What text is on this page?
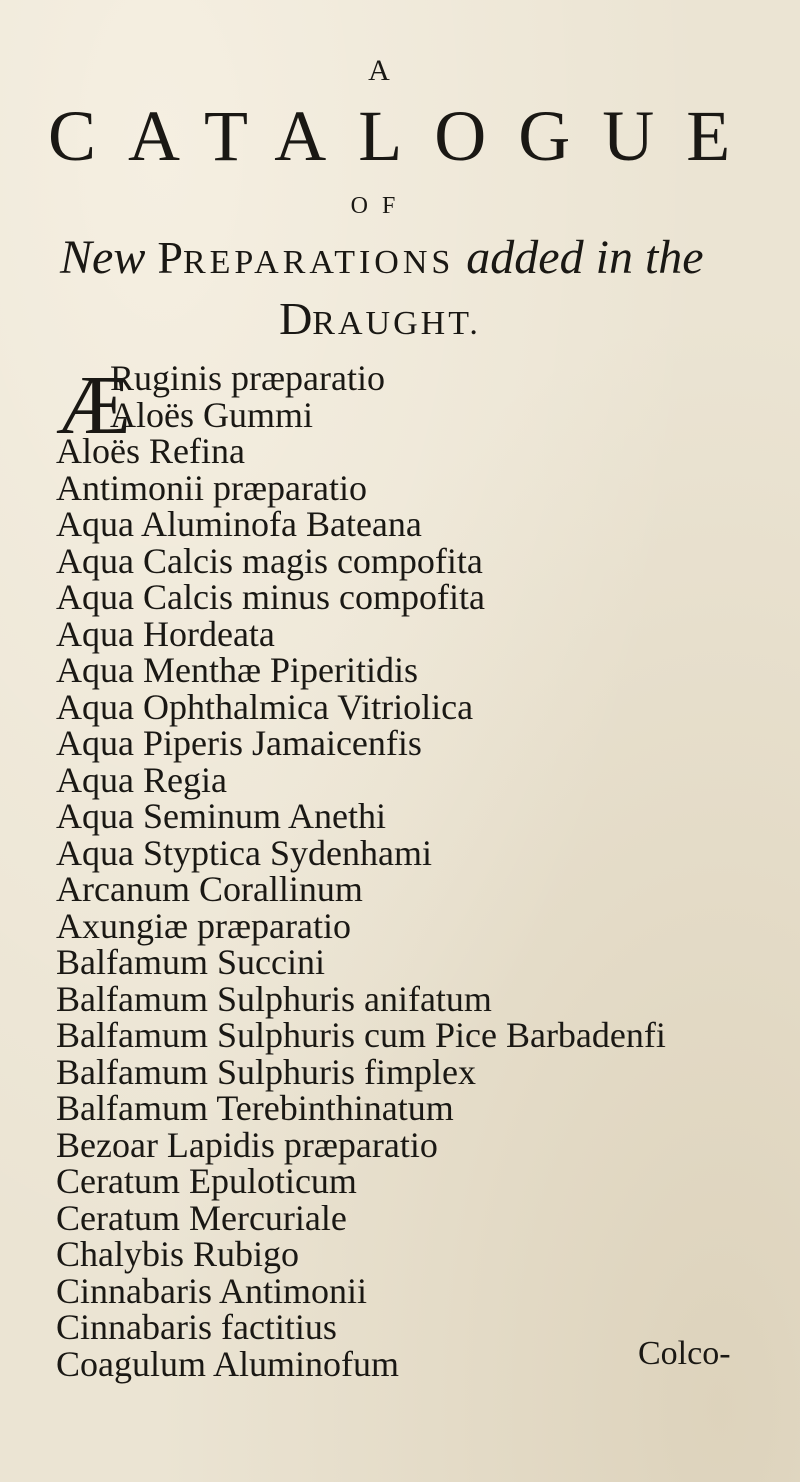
A
CATALOGUE
OF
New PREPARATIONS added in the
DRAUGHT.
Æ
Ruginis præparatio
Aloës Gummi
Aloës Refina
Antimonii præparatio
Aqua Aluminofa Bateana
Aqua Calcis magis compofita
Aqua Calcis minus compofita
Aqua Hordeata
Aqua Menthæ Piperitidis
Aqua Ophthalmica Vitriolica
Aqua Piperis Jamaicenfis
Aqua Regia
Aqua Seminum Anethi
Aqua Styptica Sydenhami
Arcanum Corallinum
Axungiæ præparatio
Balfamum Succini
Balfamum Sulphuris anifatum
Balfamum Sulphuris cum Pice Barbadenfi
Balfamum Sulphuris fimplex
Balfamum Terebinthinatum
Bezoar Lapidis præparatio
Ceratum Epuloticum
Ceratum Mercuriale
Chalybis Rubigo
Cinnabaris Antimonii
Cinnabaris factitius
Coagulum Aluminofum	Colco-
